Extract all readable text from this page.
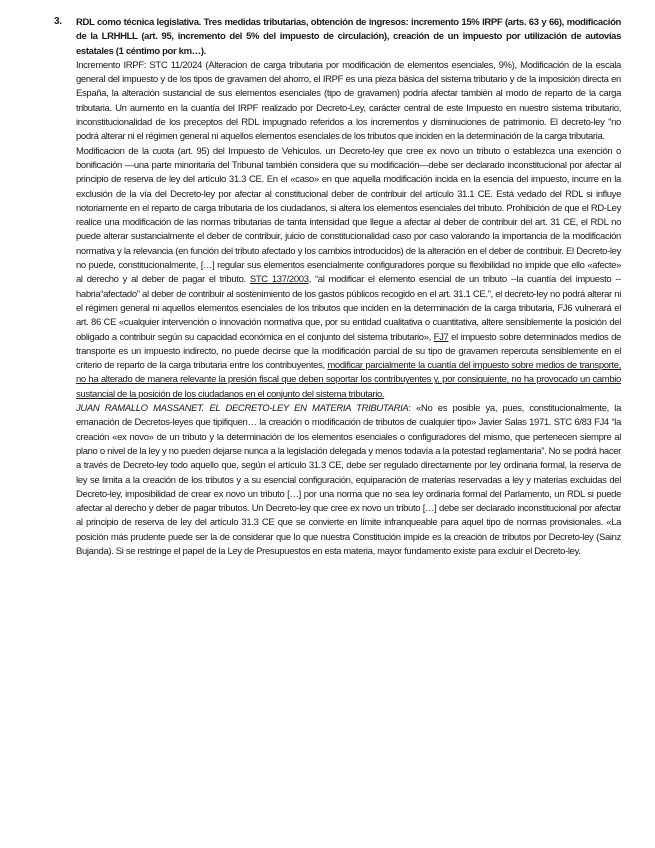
3. RDL como técnica legislativa. Tres medidas tributarias, obtención de ingresos: incremento 15% IRPF (arts. 63 y 66), modificación de la LRHHLL (art. 95, incremento del 5% del impuesto de circulación), creación de un impuesto por utilización de autovías estatales (1 céntimo por km…).

Incremento IRPF: STC 11/2024 (Alteracion de carga tributaria por modificación de elementos esenciales, 9%), Modificación de la escala general del impuesto y de los tipos de gravamen del ahorro, el IRPF es una pieza básica del sistema tributario y de la imposición directa en España, la alteración sustancial de sus elementos esenciales (tipo de gravamen) podría afectar también al modo de reparto de la carga tributaria. Un aumento en la cuantía del IRPF realizado por Decreto-Ley, carácter central de este Impuesto en nuestro sistema tributario, inconstitucionalidad de los preceptos del RDL impugnado referidos a los incrementos y disminuciones de patrimonio. El decreto-ley "no podrá alterar ni el régimen general ni aquellos elementos esenciales de los tributos que inciden en la determinación de la carga tributaria.

Modificacion de la cuota (art. 95) del Impuesto de Vehiculos. un Decreto-ley que cree ex novo un tributo o establezca una exención o bonificación —una parte minoritaria del Tribunal también considera que su modificación—debe ser declarado inconstitucional por afectar al principio de reserva de ley del artículo 31.3 CE. En el «caso» en que aquella modificación incida en la esencia del impuesto, incurre en la exclusión de la vía del Decreto-ley por afectar al constitucional deber de contribuir del artículo 31.1 CE. Está vedado del RDL si influye notoriamente en el reparto de carga tributaria de los ciudadanos, si altera los elementos esenciales del tributo. Prohibición de que el RD-Ley realice una modificación de las normas tributarias de tanta intensidad que llegue a afectar al deber de contribuir del art. 31 CE, el RDL no puede alterar sustancialmente el deber de contribuir, juicio de constitucionalidad caso por caso valorando la importancia de la modificación normativa y la relevancia (en función del tributo afectado y los cambios introducidos) de la alteración en el deber de contribuir. El Decreto-ley no puede, constitucionalmente, […] regular sus elementos esencialmente configuradores porque su flexibilidad no impide que ello «afecte» al derecho y al deber de pagar el tributo. STC 137/2003, “al modificar el elemento esencial de un tributo --la cuantía del impuesto -- habria“afectado” al deber de contribuir al sostenimiento de los gastos públicos recogido en el art. 31.1 CE.”, el decreto-ley no podrá alterar ni el régimen general ni aquellos elementos esenciales de los tributos que inciden en la determinación de la carga tributaria, FJ6 vulnerará el art. 86 CE «cualquier intervención o innovación normativa que, por su entidad cualitativa o cuantitativa, altere sensiblemente la posición del obligado a contribuir según su capacidad económica en el conjunto del sistema tributario», FJ7 el impuesto sobre determinados medios de transporte es un impuesto indirecto, no puede decirse que la modificación parcial de su tipo de gravamen repercuta sensiblemente en el criterio de reparto de la carga tributaria entre los contribuyentes, modificar parcialmente la cuantía del impuesto sobre medios de transporte, no ha alterado de manera relevante la presión fiscal que deben soportar los contribuyentes y, por consiguiente, no ha provocado un cambio sustancial de la posición de los ciudadanos en el conjunto del sistema tributario.

JUAN RAMALLO MASSANET. EL DECRETO-LEY EN MATERIA TRIBUTARIA: «No es posible ya, pues, constitucionalmente, la emanación de Decretos-leyes que tipifiquen… la creación o modificación de tributos de cualquier tipo» Javier Salas 1971. STC 6/83 FJ4 “la creación «ex novo» de un tributo y la determinación de los elementos esenciales o configuradores del mismo, que pertenecen siempre al plano o nivel de la ley y no pueden dejarse nunca a la legislación delegada y menos todavía a la potestad reglamentaria”. No se podrá hacer a través de Decreto-ley todo aquello que, según el artículo 31.3 CE, debe ser regulado directamente por ley ordinaria formal, la reserva de ley se limita a la creación de los tributos y a su esencial configuración, equiparación de materias reservadas a ley y materias excluidas del Decreto-ley, imposibilidad de crear ex novo un tributo […] por una norma que no sea ley ordinaria formal del Parlamento, un RDL si puede afectar al derecho y deber de pagar tributos. Un Decreto-ley que cree ex novo un tributo […] debe ser declarado inconstitucional por afectar al principio de reserva de ley del artículo 31.3 CE que se convierte en límite infranqueable para aquel tipo de normas provisionales. «La posición más prudente puede ser la de considerar que lo que nuestra Constitución impide es la creación de tributos por Decreto-ley (Sainz Bujanda). Si se restringe el papel de la Ley de Presupuestos en esta materia, mayor fundamento existe para excluir el Decreto-ley.
